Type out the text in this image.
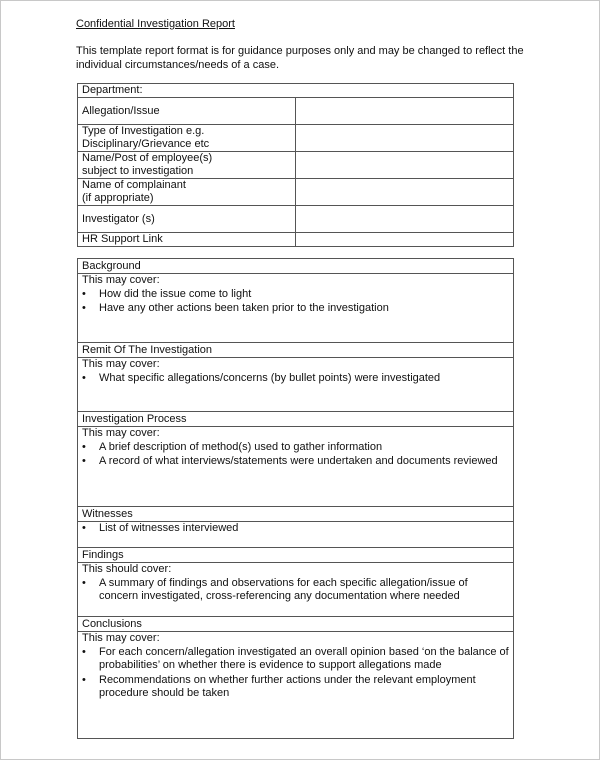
Confidential Investigation Report
This template report format is for guidance purposes only and may be changed to reflect the individual circumstances/needs of a case.
Department:	
Allegation/Issue	
Type of Investigation e.g.
Disciplinary/Grievance etc	
Name/Post of employee(s)
subject to investigation	
Name of complainant
(if appropriate)	
Investigator (s)	
HR Support Link	
Background
This may cover:
• How did the issue come to light
• Have any other actions been taken prior to the investigation
Remit Of The Investigation
This may cover:
• What specific allegations/concerns (by bullet points) were investigated
Investigation Process
This may cover:
• A brief description of method(s) used to gather information
• A record of what interviews/statements were undertaken and documents reviewed
Witnesses
• List of witnesses interviewed
Findings
This should cover:
• A summary of findings and observations for each specific allegation/issue of concern investigated, cross-referencing any documentation where needed
Conclusions
This may cover:
• For each concern/allegation investigated an overall opinion based ‘on the balance of probabilities’ on whether there is evidence to support allegations made
• Recommendations on whether further actions under the relevant employment procedure should be taken
